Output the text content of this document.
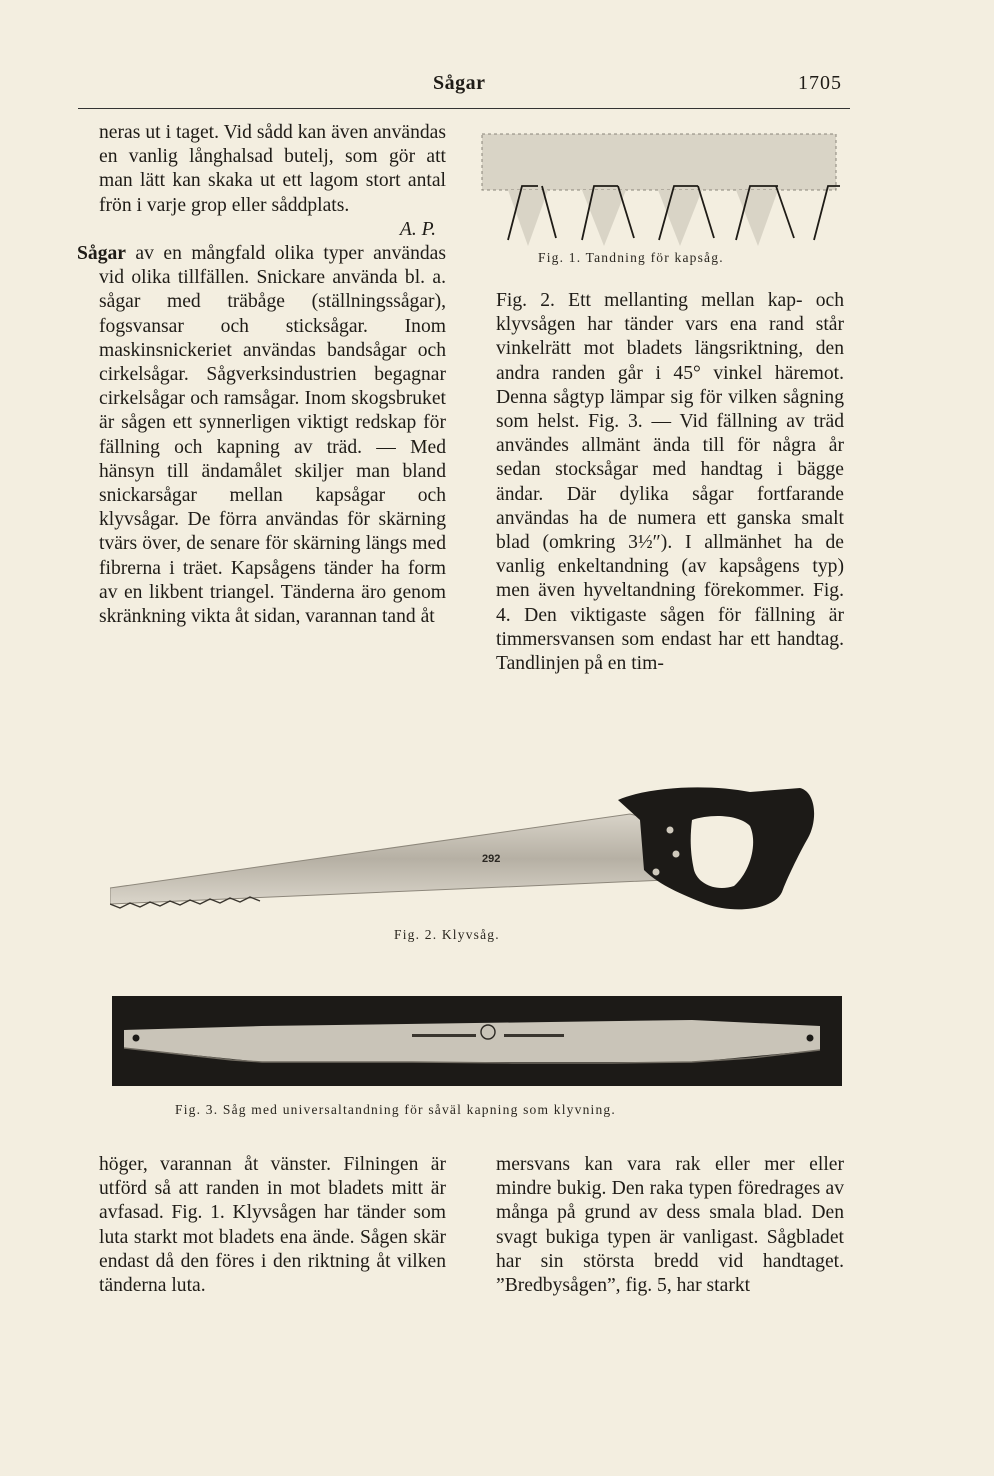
Sågar	1705

neras ut i taget. Vid sådd kan även användas en vanlig långhalsad butelj, som gör att man lätt kan skaka ut ett lagom stort antal frön i varje grop eller såddplats.

A. P.

Sågar av en mångfald olika typer användas vid olika tillfällen. Snickare använda bl. a. sågar med träbåge (ställningssågar), fogsvansar och sticksågar. Inom maskinsnickeriet användas bandsågar och cirkelsågar. Sågverksindustrien begagnar cirkelsågar och ramsågar. Inom skogsbruket är sågen ett synnerligen viktigt redskap för fällning och kapning av träd. — Med hänsyn till ändamålet skiljer man bland snickarsågar mellan kapsågar och klyvsågar. De förra användas för skärning tvärs över, de senare för skärning längs med fibrerna i träet. Kapsågens tänder ha form av en likbent triangel. Tänderna äro genom skränkning vikta åt sidan, varannan tand åt

Fig. 1. Tandning för kapsåg.

Fig. 2. Ett mellanting mellan kap- och klyvsågen har tänder vars ena rand står vinkelrätt mot bladets längsriktning, den andra randen går i 45° vinkel häremot. Denna sågtyp lämpar sig för vilken sågning som helst. Fig. 3. — Vid fällning av träd användes allmänt ända till för några år sedan stocksågar med handtag i bägge ändar. Där dylika sågar fortfarande användas ha de numera ett ganska smalt blad (omkring 3½″). I allmänhet ha de vanlig enkeltandning (av kapsågens typ) men även hyveltandning förekommer. Fig. 4. Den viktigaste sågen för fällning är timmersvansen som endast har ett handtag. Tandlinjen på en tim-

292
Fig. 2. Klyvsåg.
Fig. 3. Såg med universaltandning för såväl kapning som klyvning.

höger, varannan åt vänster. Filningen är utförd så att randen in mot bladets mitt är avfasad. Fig. 1. Klyvsågen har tänder som luta starkt mot bladets ena ände. Sågen skär endast då den föres i den riktning åt vilken tänderna luta.

mersvans kan vara rak eller mer eller mindre bukig. Den raka typen föredrages av många på grund av dess smala blad. Den svagt bukiga typen är vanligast. Sågbladet har sin största bredd vid handtaget. ”Bredbysågen”, fig. 5, har starkt
